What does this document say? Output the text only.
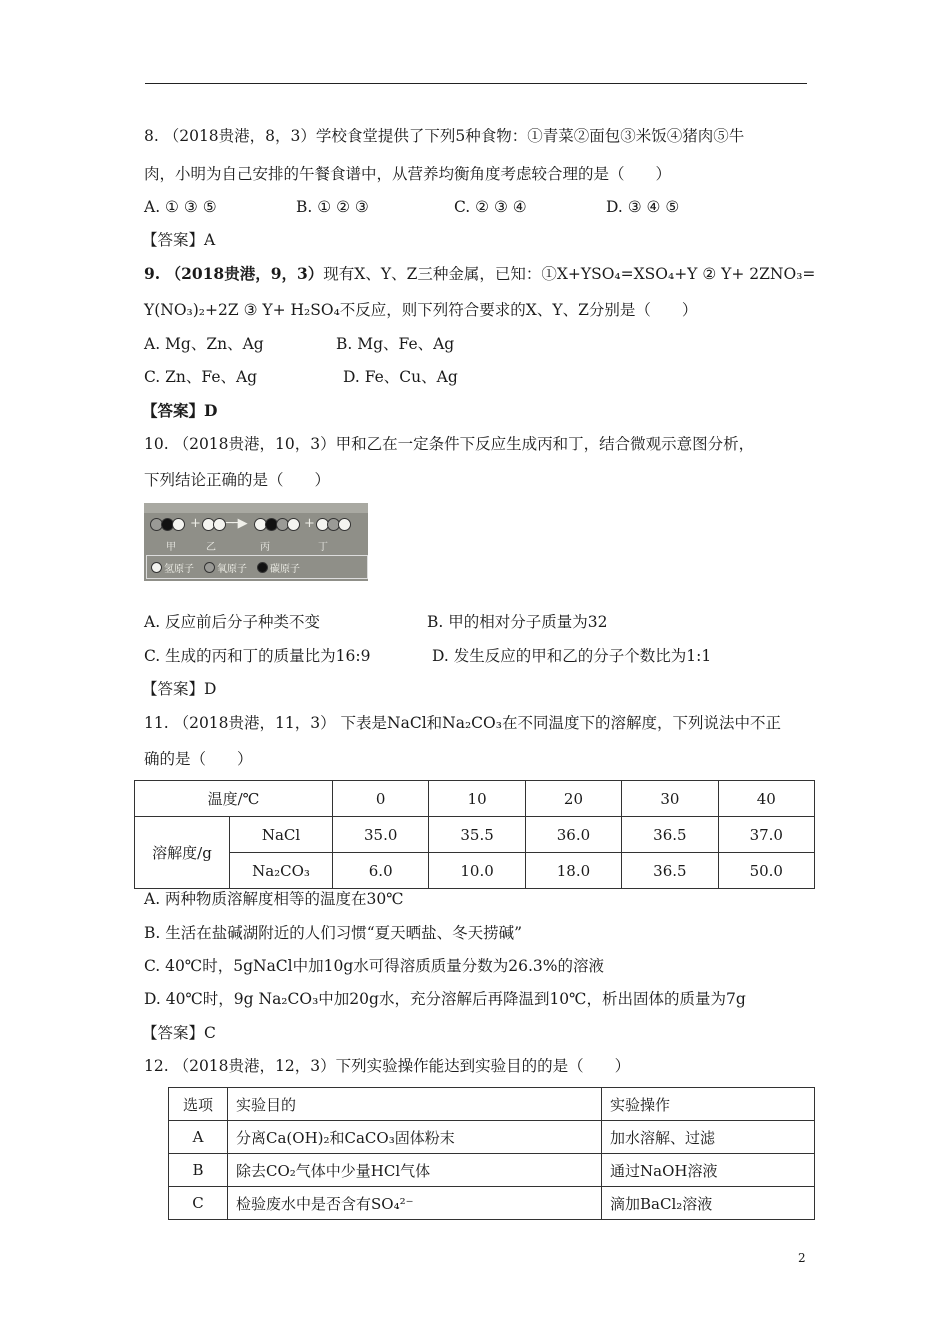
8. （2018贵港，8，3）学校食堂提供了下列5种食物：①青菜②面包③米饭④猪肉⑤牛
肉，小明为自己安排的午餐食谱中，从营养均衡角度考虑较合理的是（　　）
A. ① ③ ⑤	B. ① ② ③	C. ② ③ ④	D. ③ ④ ⑤
【答案】A
9. （2018贵港，9，3）现有X、Y、Z三种金属，已知：①X+YSO₄=XSO₄+Y ② Y+ 2ZNO₃=
Y(NO₃)₂+2Z ③ Y+ H₂SO₄不反应，则下列符合要求的X、Y、Z分别是（　　）
A. Mg、Zn、Ag	B. Mg、Fe、Ag
C. Zn、Fe、Ag	D. Fe、Cu、Ag
【答案】D
10. （2018贵港，10，3）甲和乙在一定条件下反应生成丙和丁，结合微观示意图分析，
下列结论正确的是（　　）
+ ──▶	+
甲	乙	丙	丁
氢原子 氧原子 碳原子
A. 反应前后分子种类不变	B. 甲的相对分子质量为32
C. 生成的丙和丁的质量比为16:9	D. 发生反应的甲和乙的分子个数比为1:1
【答案】D
11. （2018贵港，11，3） 下表是NaCl和Na₂CO₃在不同温度下的溶解度，下列说法中不正
确的是（　　）
温度/℃		0	10	20	30	40
溶解度/g	NaCl	35.0	35.5	36.0	36.5	37.0
	Na₂CO₃	6.0	10.0	18.0	36.5	50.0
A. 两种物质溶解度相等的温度在30℃
B. 生活在盐碱湖附近的人们习惯“夏天晒盐、冬天捞碱”
C. 40℃时，5gNaCl中加10g水可得溶质质量分数为26.3%的溶液
D. 40℃时，9g Na₂CO₃中加20g水，充分溶解后再降温到10℃，析出固体的质量为7g
【答案】C
12. （2018贵港，12，3）下列实验操作能达到实验目的的是（　　）
选项	实验目的	实验操作
A	分离Ca(OH)₂和CaCO₃固体粉末	加水溶解、过滤
B	除去CO₂气体中少量HCl气体	通过NaOH溶液
C	检验废水中是否含有SO₄²⁻	滴加BaCl₂溶液
2
